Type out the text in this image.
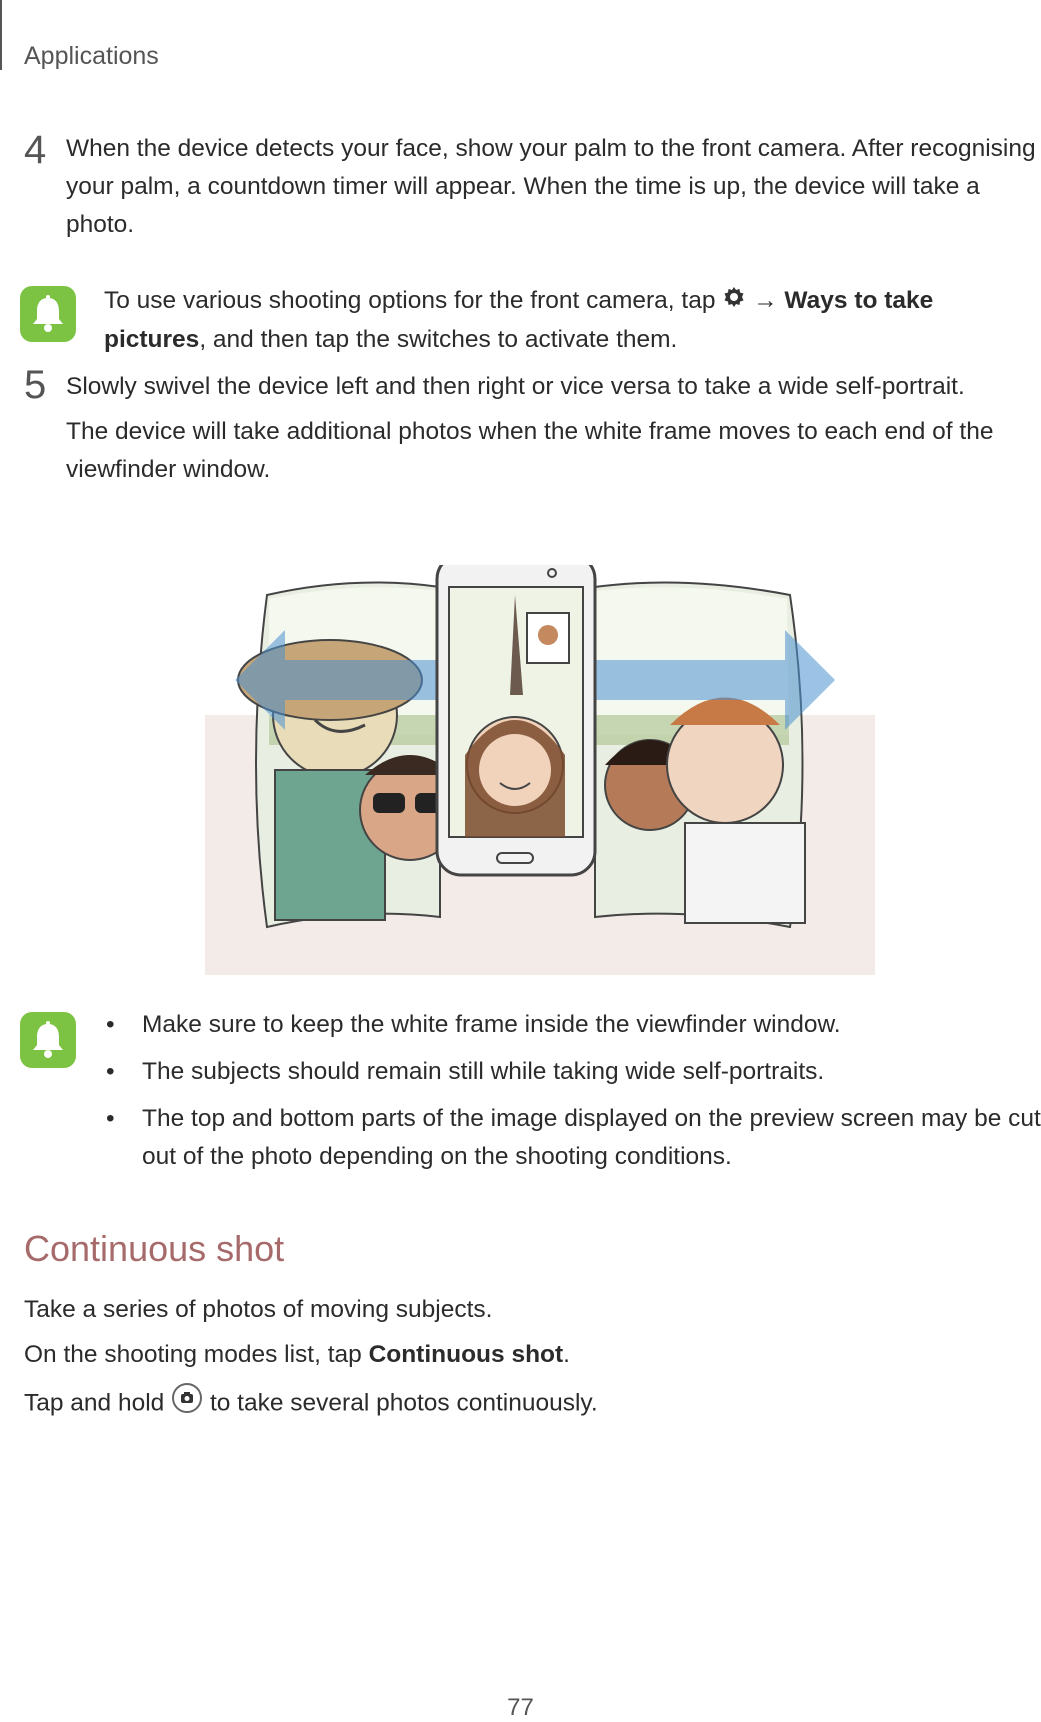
Applications
4 When the device detects your face, show your palm to the front camera. After recognising your palm, a countdown timer will appear. When the time is up, the device will take a photo.
To use various shooting options for the front camera, tap → Ways to take pictures, and then tap the switches to activate them.
5 Slowly swivel the device left and then right or vice versa to take a wide self-portrait.
The device will take additional photos when the white frame moves to each end of the viewfinder window.
• Make sure to keep the white frame inside the viewfinder window.
• The subjects should remain still while taking wide self-portraits.
• The top and bottom parts of the image displayed on the preview screen may be cut out of the photo depending on the shooting conditions.
Continuous shot
Take a series of photos of moving subjects.
On the shooting modes list, tap Continuous shot.
Tap and hold  to take several photos continuously.
77
